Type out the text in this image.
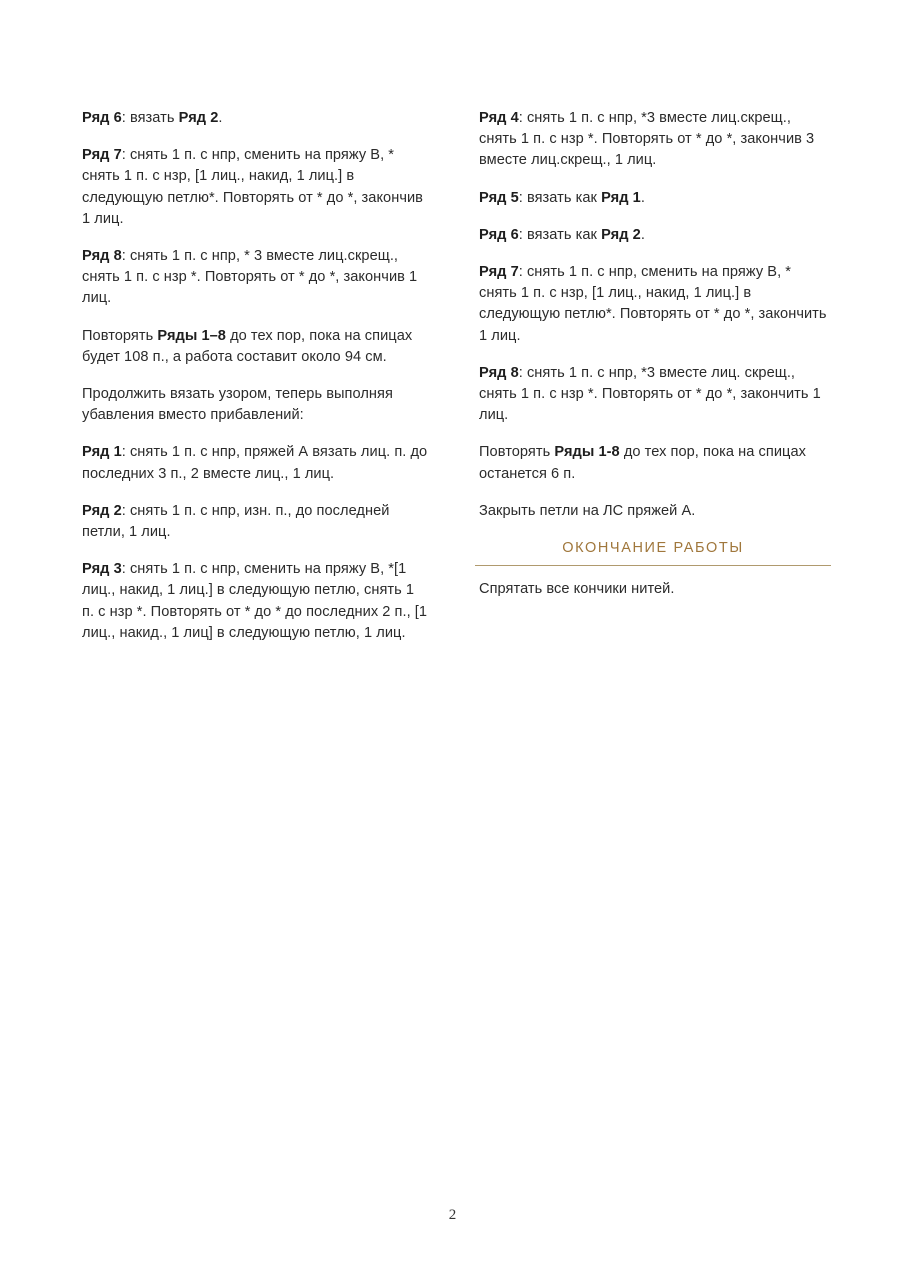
Ряд 6: вязать Ряд 2.

Ряд 7: снять 1 п. с нпр, сменить на пряжу В, * снять 1 п. с нзр, [1 лиц., накид, 1 лиц.] в следующую петлю*. Повторять от * до *, закончив 1 лиц.

Ряд 8: снять 1 п. с нпр, * 3 вместе лиц.скрещ., снять 1 п. с нзр *. Повторять от * до *, закончив 1 лиц.

Повторять Ряды 1–8 до тех пор, пока на спицах будет 108 п., а работа составит около 94 см.

Продолжить вязать узором, теперь выполняя убавления вместо прибавлений:

Ряд 1: снять 1 п. с нпр, пряжей А вязать лиц. п. до последних 3 п., 2 вместе лиц., 1 лиц.

Ряд 2: снять 1 п. с нпр, изн. п., до последней петли, 1 лиц.

Ряд 3: снять 1 п. с нпр, сменить на пряжу В, *[1 лиц., накид, 1 лиц.] в следующую петлю, снять 1 п. с нзр *. Повторять от * до * до последних 2 п., [1 лиц., накид., 1 лиц] в следующую петлю, 1 лиц.

Ряд 4: снять 1 п. с нпр, *3 вместе лиц.скрещ., снять 1 п. с нзр *. Повторять от * до *, закончив 3 вместе лиц.скрещ., 1 лиц.

Ряд 5: вязать как Ряд 1.

Ряд 6: вязать как Ряд 2.

Ряд 7: снять 1 п. с нпр, сменить на пряжу В, * снять 1 п. с нзр, [1 лиц., накид, 1 лиц.] в следующую петлю*. Повторять от * до *, закончить 1 лиц.

Ряд 8: снять 1 п. с нпр, *3 вместе лиц. скрещ., снять 1 п. с нзр *. Повторять от * до *, закончить 1 лиц.

Повторять Ряды 1-8 до тех пор, пока на спицах останется 6 п.

Закрыть петли на ЛС пряжей А.

ОКОНЧАНИЕ РАБОТЫ

Спрятать все кончики нитей.

2
